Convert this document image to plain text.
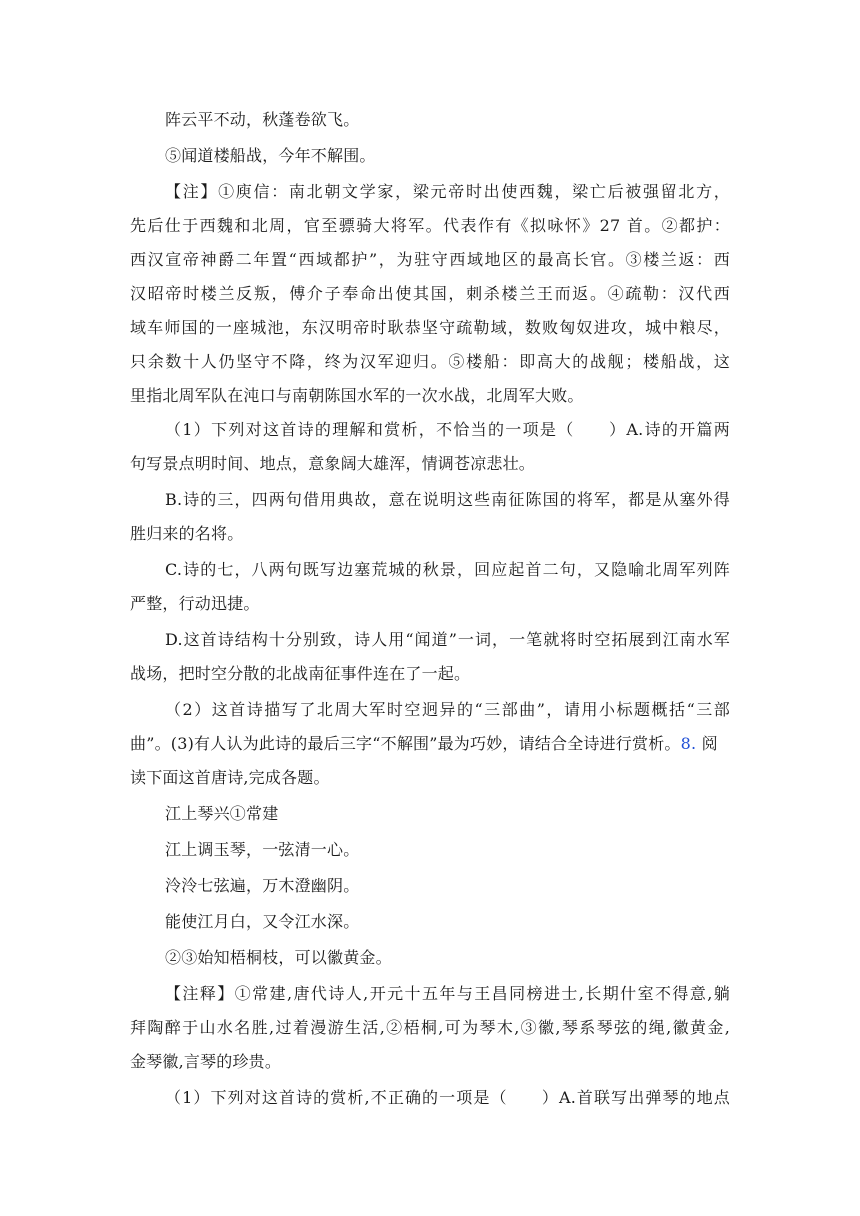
阵云平不动，秋蓬卷欲飞。
⑤闻道楼船战，今年不解围。
【注】①庾信：南北朝文学家，梁元帝时出使西魏，梁亡后被强留北方，
先后仕于西魏和北周，官至骠骑大将军。代表作有《拟咏怀》27 首。②都护：
西汉宣帝神爵二年置“西域都护”，为驻守西域地区的最高长官。③楼兰返：西
汉昭帝时楼兰反叛，傅介子奉命出使其国，刺杀楼兰王而返。④疏勒：汉代西
域车师国的一座城池，东汉明帝时耿恭坚守疏勒域，数败匈奴进攻，城中粮尽，
只余数十人仍坚守不降，终为汉军迎归。⑤楼船：即高大的战舰；楼船战，这
里指北周军队在沌口与南朝陈国水军的一次水战，北周军大败。
（1）下列对这首诗的理解和赏析，不恰当的一项是（　　）A.诗的开篇两
句写景点明时间、地点，意象阔大雄浑，情调苍凉悲壮。
B.诗的三，四两句借用典故，意在说明这些南征陈国的将军，都是从塞外得
胜归来的名将。
C.诗的七，八两句既写边塞荒城的秋景，回应起首二句，又隐喻北周军列阵
严整，行动迅捷。
D.这首诗结构十分别致，诗人用“闻道”一词，一笔就将时空拓展到江南水军
战场，把时空分散的北战南征事件连在了一起。
（2）这首诗描写了北周大军时空迥异的“三部曲”，请用小标题概括“三部
曲”。(3)有人认为此诗的最后三字“不解围”最为巧妙，请结合全诗进行赏析。8. 阅
读下面这首唐诗,完成各题。
江上琴兴①常建
江上调玉琴，一弦清一心。
泠泠七弦遍，万木澄幽阴。
能使江月白，又令江水深。
②③始知梧桐枝，可以徽黄金。
【注释】①常建,唐代诗人,开元十五年与王昌同榜进士,长期什室不得意,躺
拜陶醉于山水名胜,过着漫游生活,②梧桐,可为琴木,③徽,琴系琴弦的绳,徽黄金,
金琴徽,言琴的珍贵。
（1）下列对这首诗的赏析,不正确的一项是（　　）A.首联写出弹琴的地点
